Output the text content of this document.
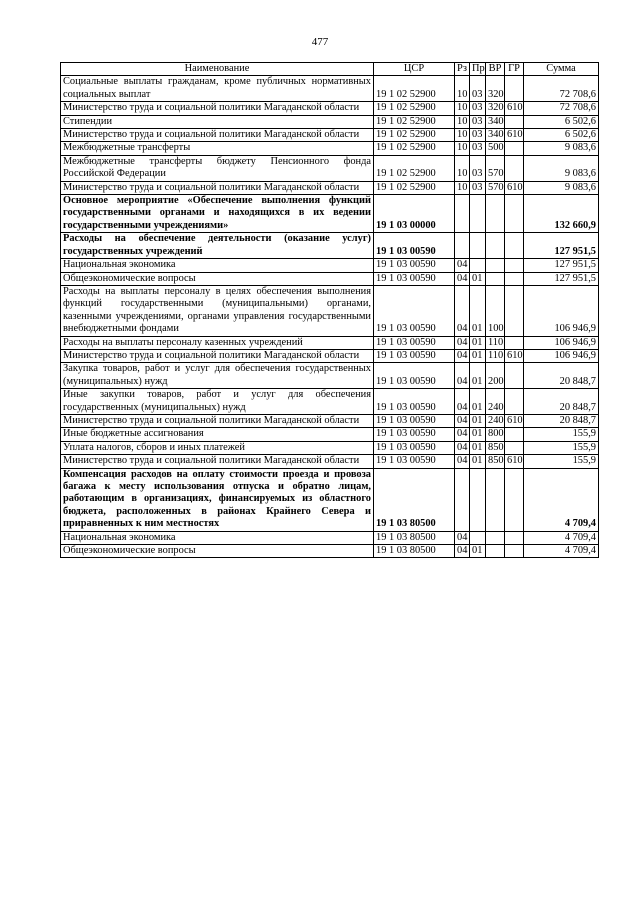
477
Наименование	ЦСР	Рз	Пр	ВР	ГР	Сумма
Социальные выплаты гражданам, кроме публичных нормативных социальных выплат	19 1 02 52900	10	03	320		72 708,6
Министерство труда и социальной политики Магаданской области	19 1 02 52900	10	03	320	610	72 708,6
Стипендии	19 1 02 52900	10	03	340		6 502,6
Министерство труда и социальной политики Магаданской области	19 1 02 52900	10	03	340	610	6 502,6
Межбюджетные трансферты	19 1 02 52900	10	03	500		9 083,6
Межбюджетные трансферты бюджету Пенсионного фонда Российской Федерации	19 1 02 52900	10	03	570		9 083,6
Министерство труда и социальной политики Магаданской области	19 1 02 52900	10	03	570	610	9 083,6
Основное мероприятие «Обеспечение выполнения функций государственными органами и находящихся в их ведении государственными учреждениями»	19 1 03 00000					132 660,9
Расходы на обеспечение деятельности (оказание услуг) государственных учреждений	19 1 03 00590					127 951,5
Национальная экономика	19 1 03 00590	04				127 951,5
Общеэкономические вопросы	19 1 03 00590	04	01			127 951,5
Расходы на выплаты персоналу в целях обеспечения выполнения функций государственными (муниципальными) органами, казенными учреждениями, органами управления государственными внебюджетными фондами	19 1 03 00590	04	01	100		106 946,9
Расходы на выплаты персоналу казенных учреждений	19 1 03 00590	04	01	110		106 946,9
Министерство труда и социальной политики Магаданской области	19 1 03 00590	04	01	110	610	106 946,9
Закупка товаров, работ и услуг для обеспечения государственных (муниципальных) нужд	19 1 03 00590	04	01	200		20 848,7
Иные закупки товаров, работ и услуг для обеспечения государственных (муниципальных) нужд	19 1 03 00590	04	01	240		20 848,7
Министерство труда и социальной политики Магаданской области	19 1 03 00590	04	01	240	610	20 848,7
Иные бюджетные ассигнования	19 1 03 00590	04	01	800		155,9
Уплата налогов, сборов и иных платежей	19 1 03 00590	04	01	850		155,9
Министерство труда и социальной политики Магаданской области	19 1 03 00590	04	01	850	610	155,9
Компенсация расходов на оплату стоимости проезда и провоза багажа к месту использования отпуска и обратно лицам, работающим в организациях, финансируемых из областного бюджета, расположенных в районах Крайнего Севера и приравненных к ним местностях	19 1 03 80500					4 709,4
Национальная экономика	19 1 03 80500	04				4 709,4
Общеэкономические вопросы	19 1 03 80500	04	01			4 709,4
